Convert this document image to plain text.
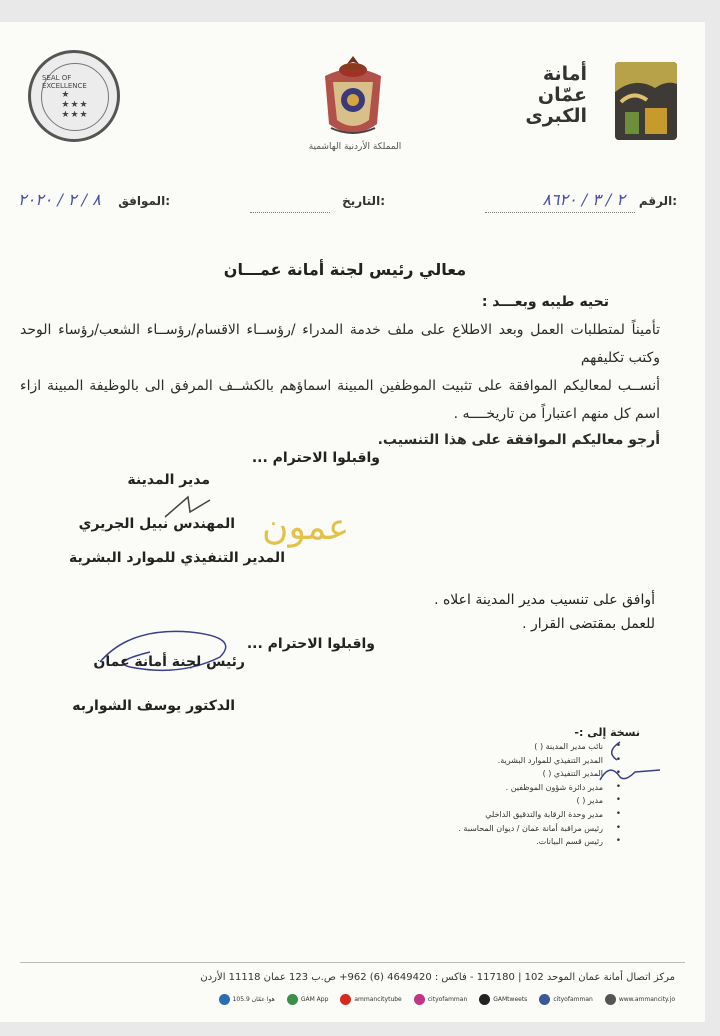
SEAL OF EXCELLENCE
★
★★★
★★★
المملكة الأردنية الهاشمية
أمانة
عمّان
الكبرى
الرقم:
٢ / ٣ / ٨٦٢٠
التاريخ:
الموافق:
٨ / ٢ / ٢٠٢٠
معالي رئيس لجنة أمانة عمـــان
تحيه طيبه وبعـــد :
تأميناً لمتطلبات العمل وبعد الاطلاع على ملف خدمة المدراء /رؤســاء الاقسام/رؤســاء الشعب/رؤساء الوحد وكتب تكليفهم
أنســب لمعاليكم الموافقة على تثبيت الموظفين المبينة اسماؤهم بالكشــف المرفق الى بالوظيفة المبينة ازاء اسم كل منهم اعتباراً من تاريخــــه .
أرجو معاليكم الموافقة على هذا التنسيب.
واقبلوا الاحترام ...
مدير المدينة
المهندس نبيل الجريري عمون
المدير التنفيذي للموارد البشرية
أوافق على تنسيب مدير المدينة اعلاه .
للعمل بمقتضى القرار .
واقبلوا الاحترام ...
رئيس لجنة أمانة عمان
الدكتور يوسف الشواربه
نسخة إلى :-
• نائب مدير المدينة ( )
• المدير التنفيذي للموارد البشرية.
• المدير التنفيذي ( )
• مدير دائرة شؤون الموظفين .
• مدير ( )
• مدير وحدة الرقابة والتدقيق الداخلي
• رئيس مراقبة أمانة عمان / ديوان المحاسبة .
• رئيس قسم البيانات.
مركز اتصال أمانة عمان الموحد 102 | 117180 - فاكس : 4649420 (6) 962+ ص.ب 123 عمان 11118 الأردن
www.ammancity.jo
cityofamman
GAMtweets
cityofamman
ammancitytube
GAM App
هوا عمّان 105.9
